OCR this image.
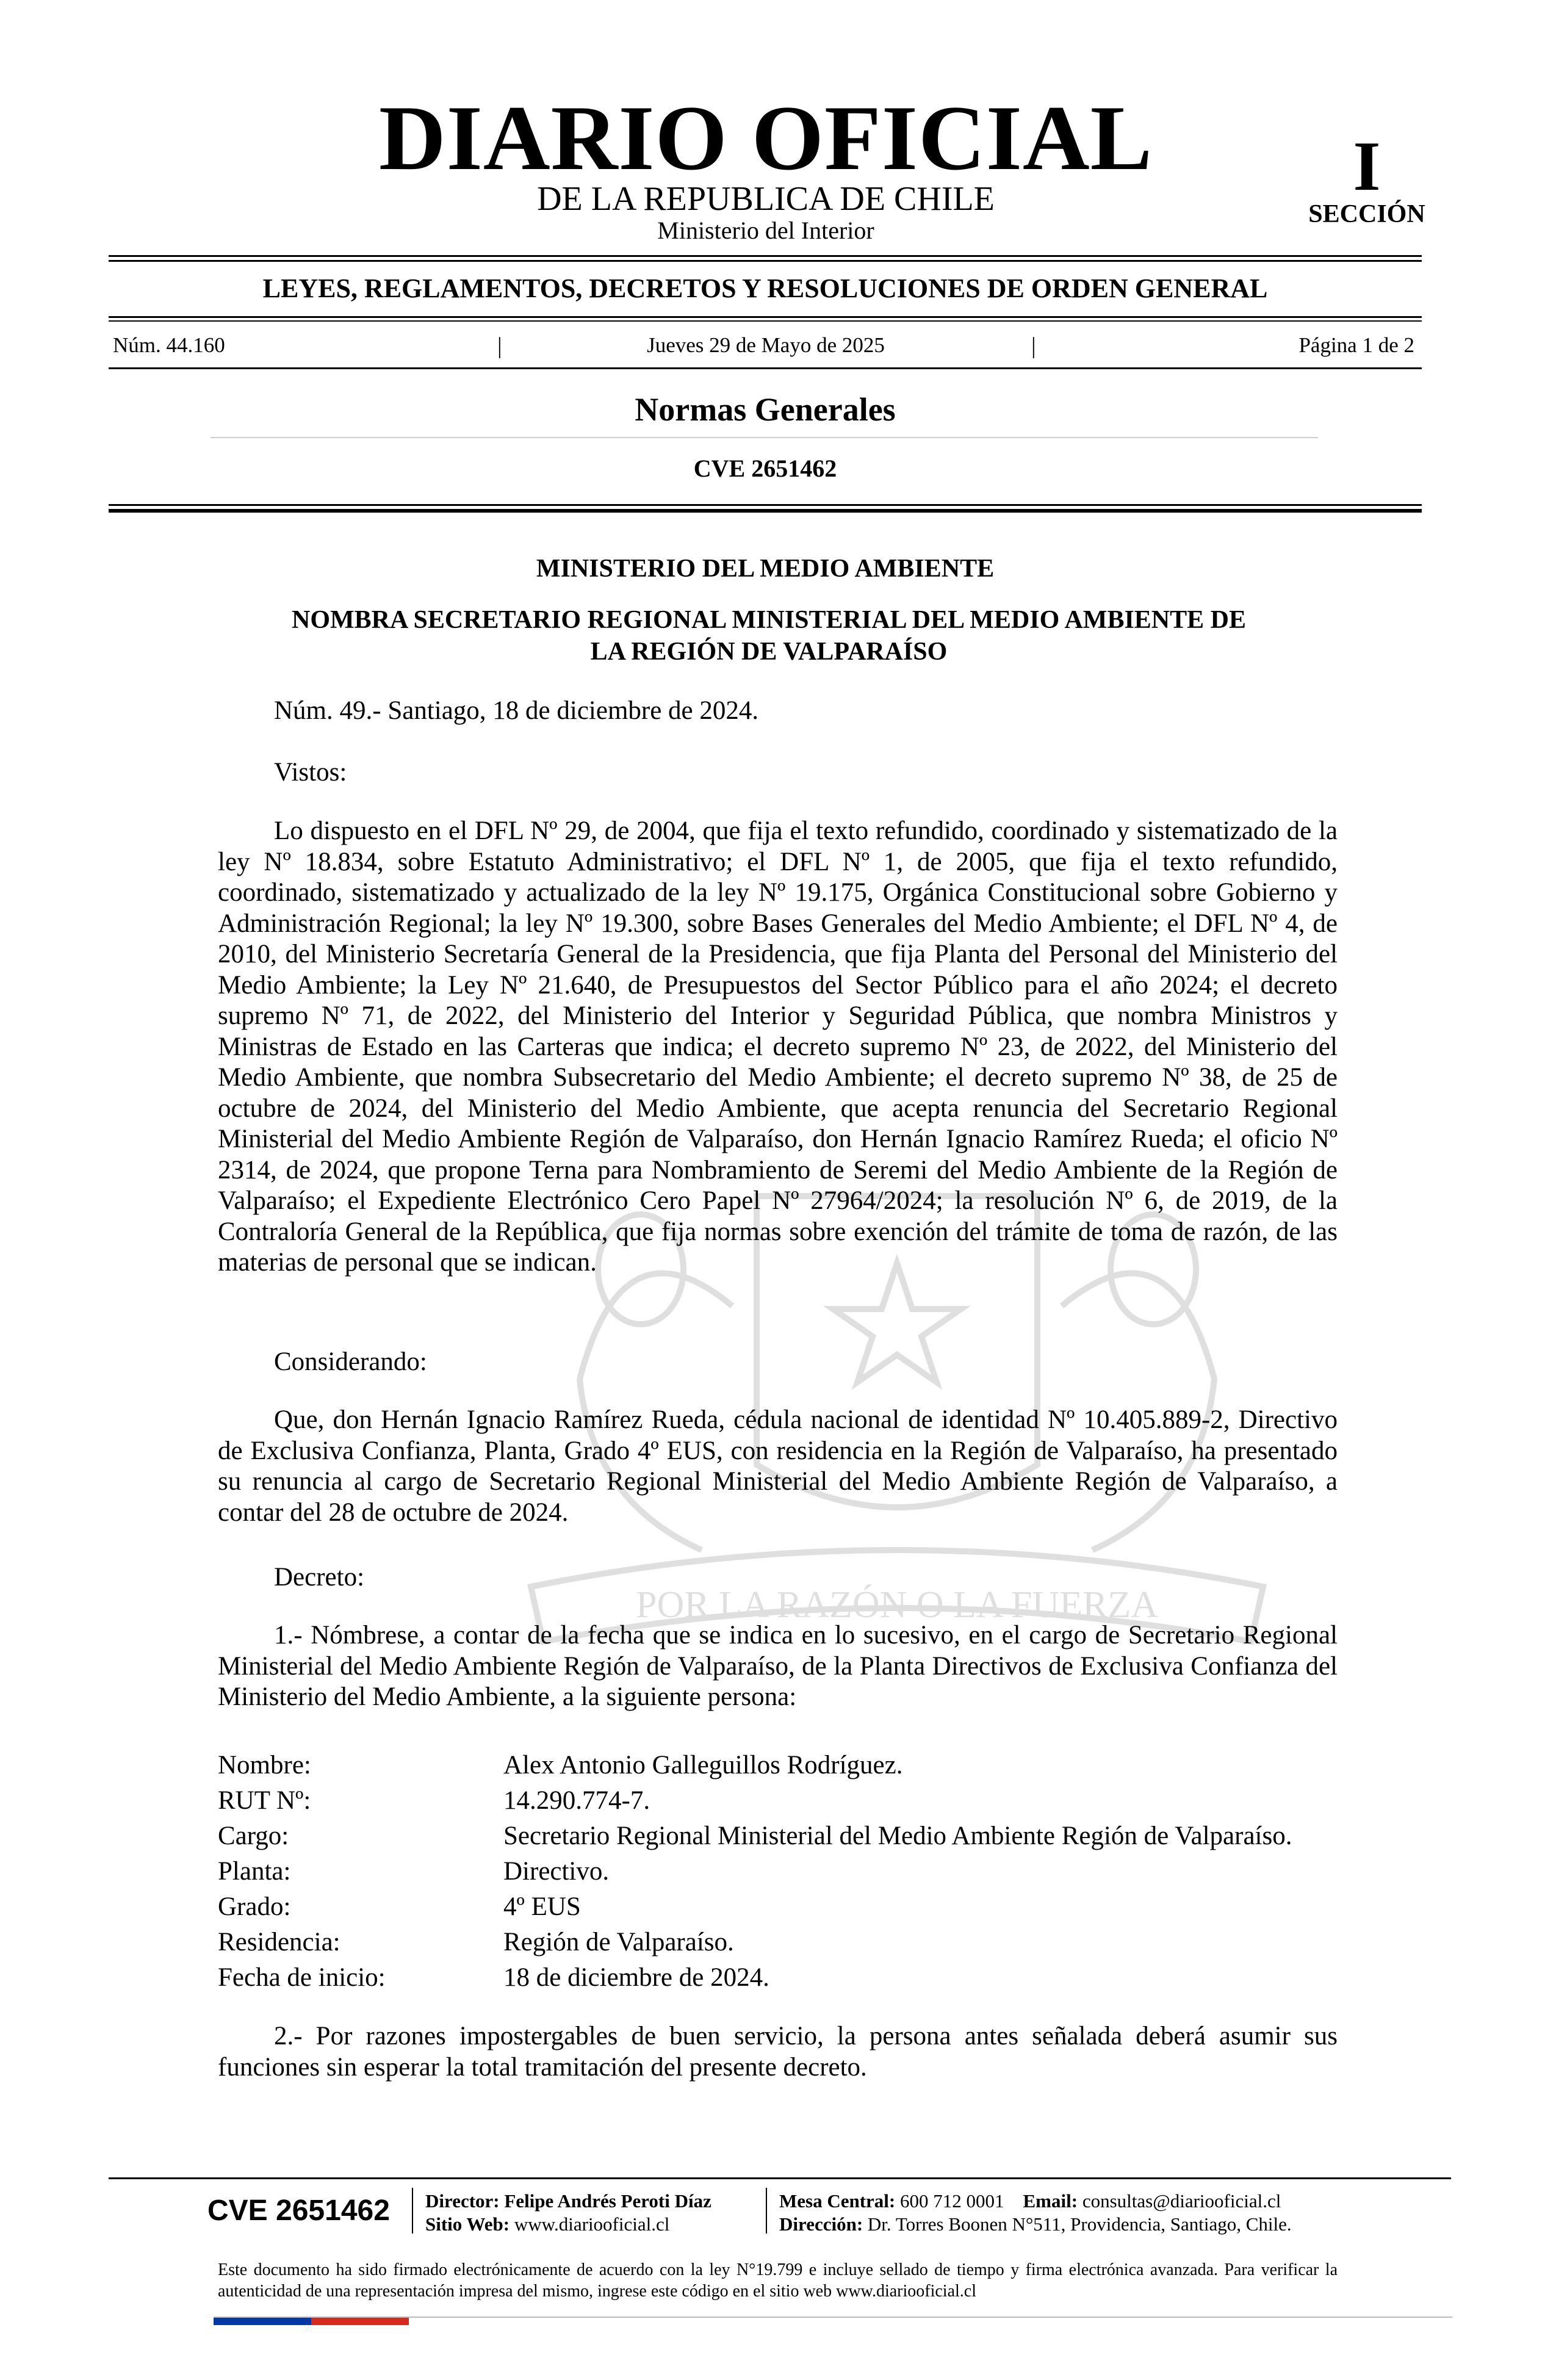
POR LA RAZÓN O LA FUERZA
DIARIO OFICIAL
DE LA REPUBLICA DE CHILE
Ministerio del Interior
I
SECCIÓN
LEYES, REGLAMENTOS, DECRETOS Y RESOLUCIONES DE ORDEN GENERAL
Núm. 44.160	|	Jueves 29 de Mayo de 2025	|	Página 1 de 2
Normas Generales
CVE 2651462
MINISTERIO DEL MEDIO AMBIENTE
NOMBRA SECRETARIO REGIONAL MINISTERIAL DEL MEDIO AMBIENTE DE
LA REGIÓN DE VALPARAÍSO
Núm. 49.- Santiago, 18 de diciembre de 2024.
Vistos:
Lo dispuesto en el DFL Nº 29, de 2004, que fija el texto refundido, coordinado y sistematizado de la ley Nº 18.834, sobre Estatuto Administrativo; el DFL Nº 1, de 2005, que fija el texto refundido, coordinado, sistematizado y actualizado de la ley Nº 19.175, Orgánica Constitucional sobre Gobierno y Administración Regional; la ley Nº 19.300, sobre Bases Generales del Medio Ambiente; el DFL Nº 4, de 2010, del Ministerio Secretaría General de la Presidencia, que fija Planta del Personal del Ministerio del Medio Ambiente; la Ley Nº 21.640, de Presupuestos del Sector Público para el año 2024; el decreto supremo Nº 71, de 2022, del Ministerio del Interior y Seguridad Pública, que nombra Ministros y Ministras de Estado en las Carteras que indica; el decreto supremo Nº 23, de 2022, del Ministerio del Medio Ambiente, que nombra Subsecretario del Medio Ambiente; el decreto supremo Nº 38, de 25 de octubre de 2024, del Ministerio del Medio Ambiente, que acepta renuncia del Secretario Regional Ministerial del Medio Ambiente Región de Valparaíso, don Hernán Ignacio Ramírez Rueda; el oficio Nº 2314, de 2024, que propone Terna para Nombramiento de Seremi del Medio Ambiente de la Región de Valparaíso; el Expediente Electrónico Cero Papel Nº 27964/2024; la resolución Nº 6, de 2019, de la Contraloría General de la República, que fija normas sobre exención del trámite de toma de razón, de las materias de personal que se indican.
Considerando:
Que, don Hernán Ignacio Ramírez Rueda, cédula nacional de identidad Nº 10.405.889-2, Directivo de Exclusiva Confianza, Planta, Grado 4º EUS, con residencia en la Región de Valparaíso, ha presentado su renuncia al cargo de Secretario Regional Ministerial del Medio Ambiente Región de Valparaíso, a contar del 28 de octubre de 2024.
Decreto:
1.- Nómbrese, a contar de la fecha que se indica en lo sucesivo, en el cargo de Secretario Regional Ministerial del Medio Ambiente Región de Valparaíso, de la Planta Directivos de Exclusiva Confianza del Ministerio del Medio Ambiente, a la siguiente persona:
Nombre:	Alex Antonio Galleguillos Rodríguez.
RUT Nº:	14.290.774-7.
Cargo:	Secretario Regional Ministerial del Medio Ambiente Región de Valparaíso.
Planta:	Directivo.
Grado:	4º EUS
Residencia:	Región de Valparaíso.
Fecha de inicio:	18 de diciembre de 2024.
2.- Por razones impostergables de buen servicio, la persona antes señalada deberá asumir sus funciones sin esperar la total tramitación del presente decreto.
CVE 2651462 Director: Felipe Andrés Peroti Díaz
Sitio Web: www.diariooficial.cl
Mesa Central: 600 712 0001 Email: consultas@diariooficial.cl
Dirección: Dr. Torres Boonen N°511, Providencia, Santiago, Chile.
Este documento ha sido firmado electrónicamente de acuerdo con la ley N°19.799 e incluye sellado de tiempo y firma electrónica avanzada. Para verificar la autenticidad de una representación impresa del mismo, ingrese este código en el sitio web www.diariooficial.cl
